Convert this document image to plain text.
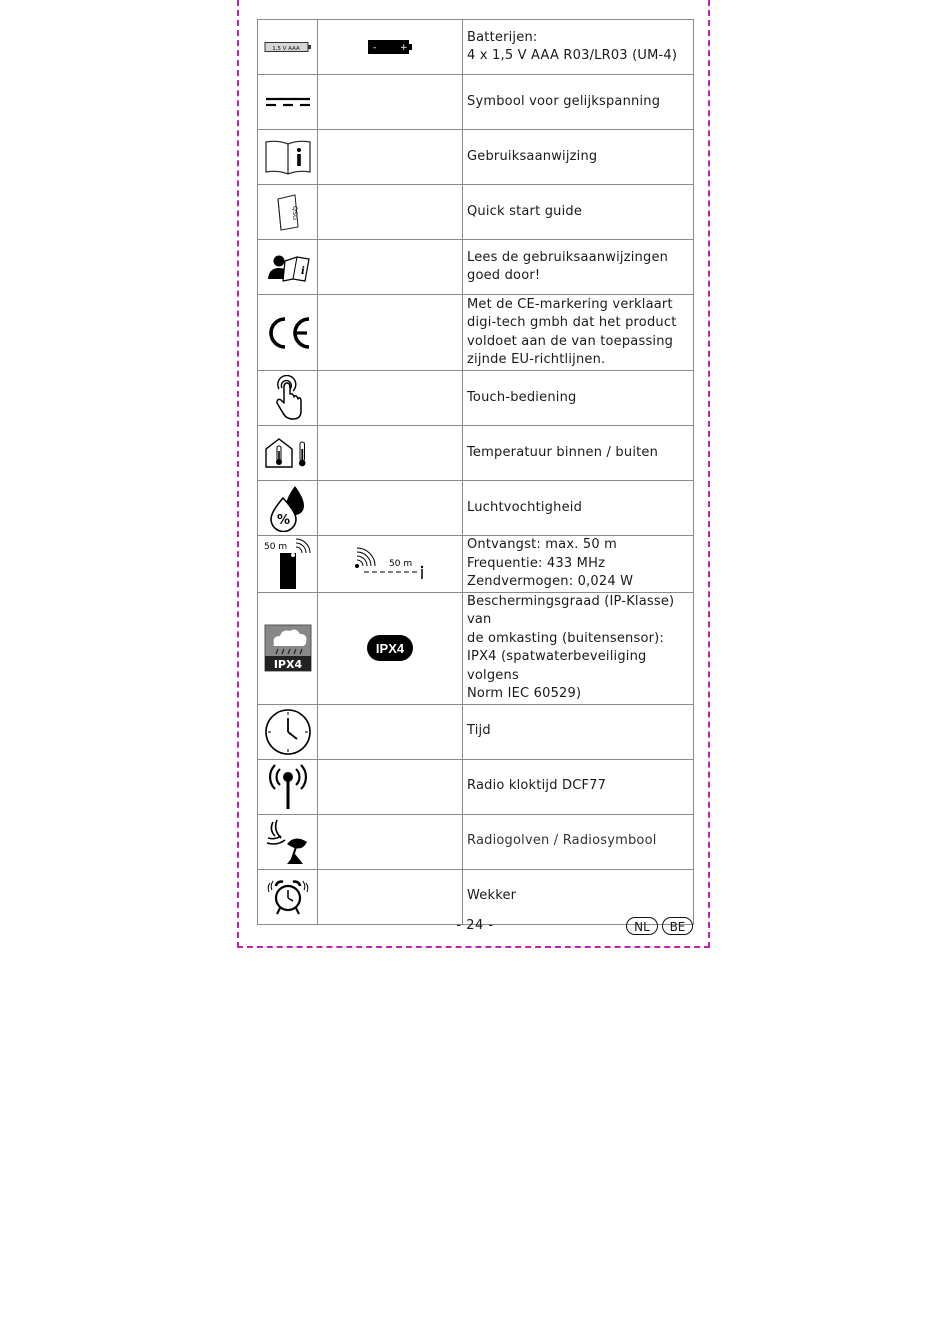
1,5 V AAA	- +	Batterijen:
4 x 1,5 V AAA R03/LR03 (UM-4)

Symbool voor gelijkspanning

Gebruiksaanwijzing

QSG		Quick start guide

i		Lees de gebruiksaanwijzingen
goed door!

Met de CE-markering verklaart
digi-tech gmbh dat het product
voldoet aan de van toepassing
zijnde EU-richtlijnen.

Touch-bediening

Temperatuur binnen / buiten

%		Luchtvochtigheid

50 m	50 m	Ontvangst: max. 50 m
Frequentie: 433 MHz
Zendvermogen: 0,024 W

IPX4	IPX4	Beschermingsgraad (IP-Klasse) van
de omkasting (buitensensor):
IPX4 (spatwaterbeveiliging volgens
Norm IEC 60529)

Tijd

Radio kloktijd DCF77

Radiogolven / Radiosymbool

Wekker
- 24 -	NL	BE
